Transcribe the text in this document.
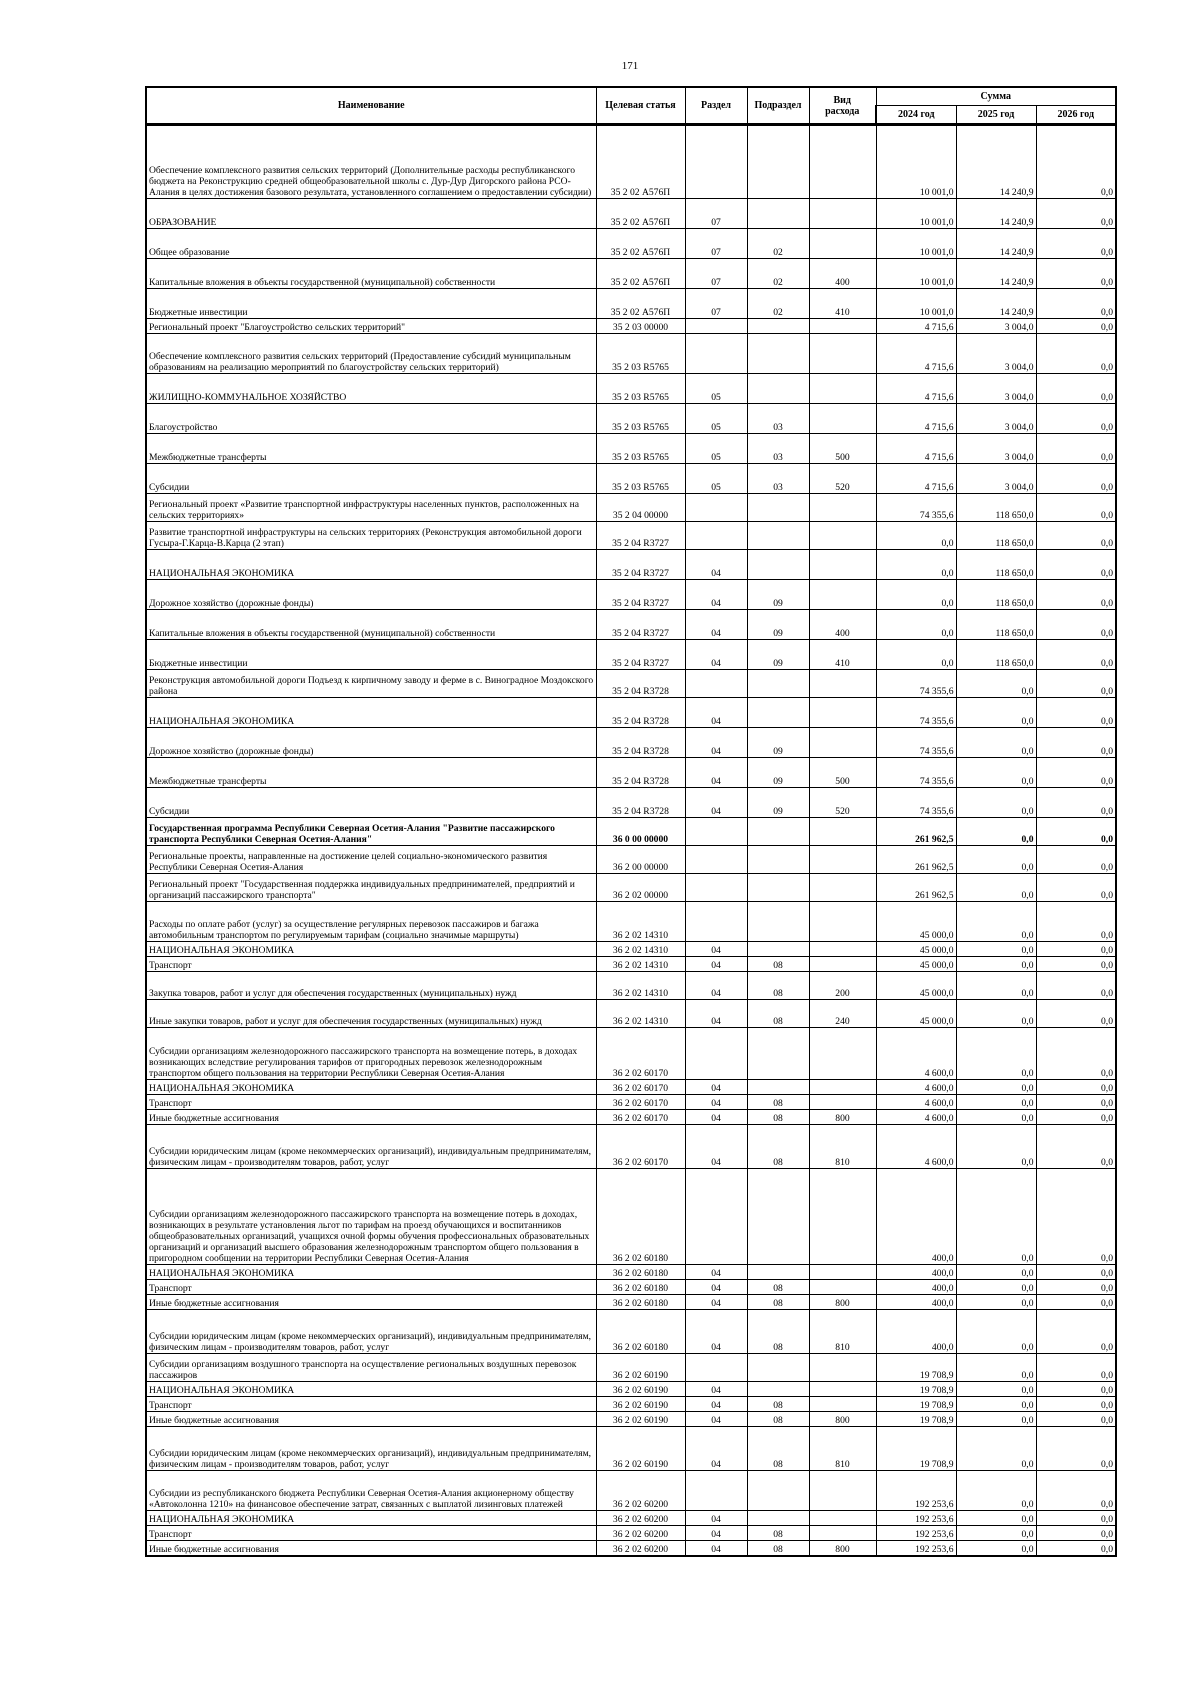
171
Наименование	Целевая статья	Раздел	Подраздел	Вид
расхода	Сумма		
					2024 год	2025 год	2026 год
Обеспечение комплексного развития сельских территорий (Дополнительные расходы республиканского бюджета на Реконструкцию средней общеобразовательной школы с. Дур-Дур Дигорского района РСО-Алания в целях достижения базового результата, установленного соглашением о предоставлении субсидии)	35 2 02 А576П				10 001,0	14 240,9	0,0
ОБРАЗОВАНИЕ	35 2 02 А576П	07			10 001,0	14 240,9	0,0
Общее образование	35 2 02 А576П	07	02		10 001,0	14 240,9	0,0
Капитальные вложения в объекты государственной (муниципальной) собственности	35 2 02 А576П	07	02	400	10 001,0	14 240,9	0,0
Бюджетные инвестиции	35 2 02 А576П	07	02	410	10 001,0	14 240,9	0,0
Региональный проект "Благоустройство сельских территорий"	35 2 03 00000				4 715,6	3 004,0	0,0
Обеспечение комплексного развития сельских территорий (Предоставление субсидий муниципальным образованиям на реализацию мероприятий по благоустройству сельских территорий)	35 2 03 R5765				4 715,6	3 004,0	0,0
ЖИЛИЩНО-КОММУНАЛЬНОЕ ХОЗЯЙСТВО	35 2 03 R5765	05			4 715,6	3 004,0	0,0
Благоустройство	35 2 03 R5765	05	03		4 715,6	3 004,0	0,0
Межбюджетные трансферты	35 2 03 R5765	05	03	500	4 715,6	3 004,0	0,0
Субсидии	35 2 03 R5765	05	03	520	4 715,6	3 004,0	0,0
Региональный проект «Развитие транспортной инфраструктуры населенных пунктов, расположенных на сельских территориях»	35 2 04 00000				74 355,6	118 650,0	0,0
Развитие транспортной инфраструктуры на сельских территориях (Реконструкция автомобильной дороги Гусыра-Г.Карца-В.Карца (2 этап)	35 2 04 R3727				0,0	118 650,0	0,0
НАЦИОНАЛЬНАЯ ЭКОНОМИКА	35 2 04 R3727	04			0,0	118 650,0	0,0
Дорожное хозяйство (дорожные фонды)	35 2 04 R3727	04	09		0,0	118 650,0	0,0
Капитальные вложения в объекты государственной (муниципальной) собственности	35 2 04 R3727	04	09	400	0,0	118 650,0	0,0
Бюджетные инвестиции	35 2 04 R3727	04	09	410	0,0	118 650,0	0,0
Реконструкция автомобильной дороги Подъезд к кирпичному заводу и ферме в с. Виноградное Моздокского района	35 2 04 R3728				74 355,6	0,0	0,0
НАЦИОНАЛЬНАЯ ЭКОНОМИКА	35 2 04 R3728	04			74 355,6	0,0	0,0
Дорожное хозяйство (дорожные фонды)	35 2 04 R3728	04	09		74 355,6	0,0	0,0
Межбюджетные трансферты	35 2 04 R3728	04	09	500	74 355,6	0,0	0,0
Субсидии	35 2 04 R3728	04	09	520	74 355,6	0,0	0,0
Государственная программа Республики Северная Осетия-Алания "Развитие пассажирского транспорта Республики Северная Осетия-Алания"	36 0 00 00000				261 962,5	0,0	0,0
Региональные проекты, направленные на достижение целей социально-экономического развития Республики Северная Осетия-Алания	36 2 00 00000				261 962,5	0,0	0,0
Региональный проект "Государственная поддержка индивидуальных предпринимателей, предприятий и организаций пассажирского транспорта"	36 2 02 00000				261 962,5	0,0	0,0
Расходы по оплате работ (услуг) за осуществление регулярных перевозок пассажиров и багажа автомобильным транспортом по регулируемым тарифам (социально значимые маршруты)	36 2 02 14310				45 000,0	0,0	0,0
НАЦИОНАЛЬНАЯ ЭКОНОМИКА	36 2 02 14310	04			45 000,0	0,0	0,0
Транспорт	36 2 02 14310	04	08		45 000,0	0,0	0,0
Закупка товаров, работ и услуг для обеспечения государственных (муниципальных) нужд	36 2 02 14310	04	08	200	45 000,0	0,0	0,0
Иные закупки товаров, работ и услуг для обеспечения государственных (муниципальных) нужд	36 2 02 14310	04	08	240	45 000,0	0,0	0,0
Субсидии организациям железнодорожного пассажирского транспорта на возмещение потерь, в доходах возникающих вследствие регулирования тарифов от пригородных перевозок железнодорожным транспортом общего пользования на территории Республики Северная Осетия-Алания	36 2 02 60170				4 600,0	0,0	0,0
НАЦИОНАЛЬНАЯ ЭКОНОМИКА	36 2 02 60170	04			4 600,0	0,0	0,0
Транспорт	36 2 02 60170	04	08		4 600,0	0,0	0,0
Иные бюджетные ассигнования	36 2 02 60170	04	08	800	4 600,0	0,0	0,0
Субсидии юридическим лицам (кроме некоммерческих организаций), индивидуальным предпринимателям, физическим лицам - производителям товаров, работ, услуг	36 2 02 60170	04	08	810	4 600,0	0,0	0,0
Субсидии организациям железнодорожного пассажирского транспорта на возмещение потерь в доходах, возникающих в результате установления льгот по тарифам на проезд обучающихся и воспитанников общеобразовательных организаций, учащихся очной формы обучения профессиональных образовательных организаций и организаций высшего образования железнодорожным транспортом общего пользования в пригородном сообщении на территории Республики Северная Осетия-Алания	36 2 02 60180				400,0	0,0	0,0
НАЦИОНАЛЬНАЯ ЭКОНОМИКА	36 2 02 60180	04			400,0	0,0	0,0
Транспорт	36 2 02 60180	04	08		400,0	0,0	0,0
Иные бюджетные ассигнования	36 2 02 60180	04	08	800	400,0	0,0	0,0
Субсидии юридическим лицам (кроме некоммерческих организаций), индивидуальным предпринимателям, физическим лицам - производителям товаров, работ, услуг	36 2 02 60180	04	08	810	400,0	0,0	0,0
Субсидии организациям воздушного транспорта на осуществление региональных воздушных перевозок пассажиров	36 2 02 60190				19 708,9	0,0	0,0
НАЦИОНАЛЬНАЯ ЭКОНОМИКА	36 2 02 60190	04			19 708,9	0,0	0,0
Транспорт	36 2 02 60190	04	08		19 708,9	0,0	0,0
Иные бюджетные ассигнования	36 2 02 60190	04	08	800	19 708,9	0,0	0,0
Субсидии юридическим лицам (кроме некоммерческих организаций), индивидуальным предпринимателям, физическим лицам - производителям товаров, работ, услуг	36 2 02 60190	04	08	810	19 708,9	0,0	0,0
Субсидии из республиканского бюджета Республики Северная Осетия-Алания акционерному обществу «Автоколонна 1210» на финансовое обеспечение затрат, связанных с выплатой лизинговых платежей	36 2 02 60200				192 253,6	0,0	0,0
НАЦИОНАЛЬНАЯ ЭКОНОМИКА	36 2 02 60200	04			192 253,6	0,0	0,0
Транспорт	36 2 02 60200	04	08		192 253,6	0,0	0,0
Иные бюджетные ассигнования	36 2 02 60200	04	08	800	192 253,6	0,0	0,0
